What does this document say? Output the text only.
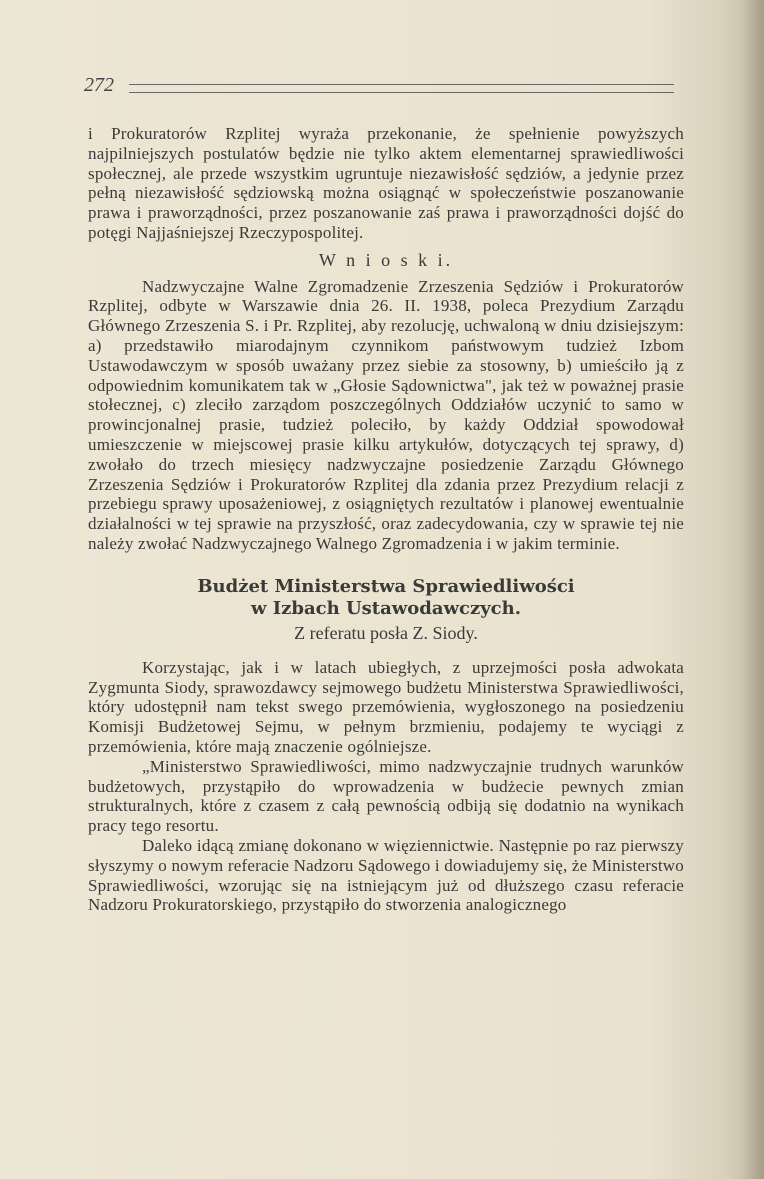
272

i Prokuratorów Rzplitej wyraża przekonanie, że spełnienie powyższych najpilniejszych postulatów będzie nie tylko aktem elementarnej sprawiedliwości społecznej, ale przede wszystkim ugruntuje niezawisłość sędziów, a jedynie przez pełną niezawisłość sędziowską można osiągnąć w społeczeństwie poszanowanie prawa i praworządności, przez poszanowanie zaś prawa i praworządności dojść do potęgi Najjaśniejszej Rzeczypospolitej.

W n i o s k i.

Nadzwyczajne Walne Zgromadzenie Zrzeszenia Sędziów i Prokuratorów Rzplitej, odbyte w Warszawie dnia 26. II. 1938, poleca Prezydium Zarządu Głównego Zrzeszenia S. i Pr. Rzplitej, aby rezolucję, uchwaloną w dniu dzisiejszym: a) przedstawiło miarodajnym czynnikom państwowym tudzież Izbom Ustawodawczym w sposób uważany przez siebie za stosowny, b) umieściło ją z odpowiednim komunikatem tak w „Głosie Sądownictwa", jak też w poważnej prasie stołecznej, c) zleciło zarządom poszczególnych Oddziałów uczynić to samo w prowincjonalnej prasie, tudzież poleciło, by każdy Oddział spowodował umieszczenie w miejscowej prasie kilku artykułów, dotyczących tej sprawy, d) zwołało do trzech miesięcy nadzwyczajne posiedzenie Zarządu Głównego Zrzeszenia Sędziów i Prokuratorów Rzplitej dla zdania przez Prezydium relacji z przebiegu sprawy uposażeniowej, z osiągniętych rezultatów i planowej ewentualnie działalności w tej sprawie na przyszłość, oraz zadecydowania, czy w sprawie tej nie należy zwołać Nadzwyczajnego Walnego Zgromadzenia i w jakim terminie.

Budżet Ministerstwa Sprawiedliwości
w Izbach Ustawodawczych.
Z referatu posła Z. Siody.

Korzystając, jak i w latach ubiegłych, z uprzejmości posła adwokata Zygmunta Siody, sprawozdawcy sejmowego budżetu Ministerstwa Sprawiedliwości, który udostępnił nam tekst swego przemówienia, wygłoszonego na posiedzeniu Komisji Budżetowej Sejmu, w pełnym brzmieniu, podajemy te wyciągi z przemówienia, które mają znaczenie ogólniejsze.

„Ministerstwo Sprawiedliwości, mimo nadzwyczajnie trudnych warunków budżetowych, przystąpiło do wprowadzenia w budżecie pewnych zmian strukturalnych, które z czasem z całą pewnością odbiją się dodatnio na wynikach pracy tego resortu.

Daleko idącą zmianę dokonano w więziennictwie. Następnie po raz pierwszy słyszymy o nowym referacie Nadzoru Sądowego i dowiadujemy się, że Ministerstwo Sprawiedliwości, wzorując się na istniejącym już od dłuższego czasu referacie Nadzoru Prokuratorskiego, przystąpiło do stworzenia analogicznego
